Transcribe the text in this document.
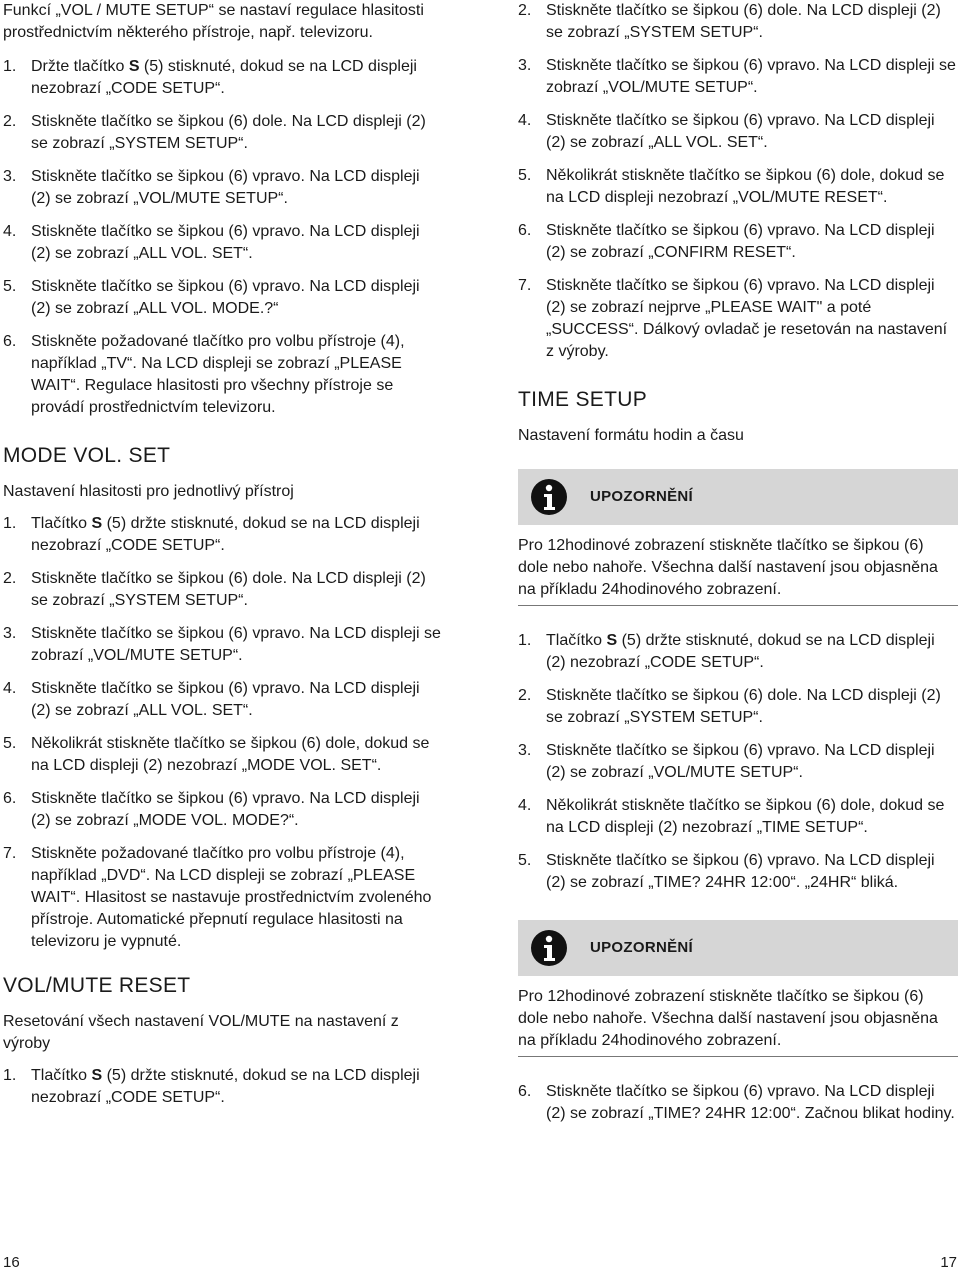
Funkcí „VOL / MUTE SETUP“ se nastaví regulace hlasitosti prostřednictvím některého přístroje, např. televizoru.

1. Držte tlačítko S (5) stisknuté, dokud se na LCD displeji nezobrazí „CODE SETUP“.
2. Stiskněte tlačítko se šipkou (6) dole. Na LCD displeji (2) se zobrazí „SYSTEM SETUP“.
3. Stiskněte tlačítko se šipkou (6) vpravo. Na LCD displeji (2) se zobrazí „VOL/MUTE SETUP“.
4. Stiskněte tlačítko se šipkou (6) vpravo. Na LCD displeji (2) se zobrazí „ALL VOL. SET“.
5. Stiskněte tlačítko se šipkou (6) vpravo. Na LCD displeji (2) se zobrazí „ALL VOL. MODE.?“
6. Stiskněte požadované tlačítko pro volbu přístroje (4), například „TV“. Na LCD displeji se zobrazí „PLEASE WAIT“. Regulace hlasitosti pro všechny přístroje se provádí prostřednictvím televizoru.
MODE VOL. SET

Nastavení hlasitosti pro jednotlivý přístroj

1. Tlačítko S (5) držte stisknuté, dokud se na LCD displeji nezobrazí „CODE SETUP“.
2. Stiskněte tlačítko se šipkou (6) dole. Na LCD displeji (2) se zobrazí „SYSTEM SETUP“.
3. Stiskněte tlačítko se šipkou (6) vpravo. Na LCD displeji se zobrazí „VOL/MUTE SETUP“.
4. Stiskněte tlačítko se šipkou (6) vpravo. Na LCD displeji (2) se zobrazí „ALL VOL. SET“.
5. Několikrát stiskněte tlačítko se šipkou (6) dole, dokud se na LCD displeji (2) nezobrazí „MODE VOL. SET“.
6. Stiskněte tlačítko se šipkou (6) vpravo. Na LCD displeji (2) se zobrazí „MODE VOL. MODE?“.
7. Stiskněte požadované tlačítko pro volbu přístroje (4), například „DVD“. Na LCD displeji se zobrazí „PLEASE WAIT“. Hlasitost se nastavuje prostřednictvím zvoleného přístroje. Automatické přepnutí regulace hlasitosti na televizoru je vypnuté.
VOL/MUTE RESET

Resetování všech nastavení VOL/MUTE na nastavení z výroby

1. Tlačítko S (5) držte stisknuté, dokud se na LCD displeji nezobrazí „CODE SETUP“.
2. Stiskněte tlačítko se šipkou (6) dole. Na LCD displeji (2) se zobrazí „SYSTEM SETUP“.
3. Stiskněte tlačítko se šipkou (6) vpravo. Na LCD displeji se zobrazí „VOL/MUTE SETUP“.
4. Stiskněte tlačítko se šipkou (6) vpravo. Na LCD displeji (2) se zobrazí „ALL VOL. SET“.
5. Několikrát stiskněte tlačítko se šipkou (6) dole, dokud se na LCD displeji nezobrazí „VOL/MUTE RESET“.
6. Stiskněte tlačítko se šipkou (6) vpravo. Na LCD displeji (2) se zobrazí „CONFIRM RESET“.
7. Stiskněte tlačítko se šipkou (6) vpravo. Na LCD displeji (2) se zobrazí nejprve „PLEASE WAIT" a poté „SUCCESS“. Dálkový ovladač je resetován na nastavení z výroby.
TIME SETUP

Nastavení formátu hodin a času

UPOZORNĚNÍ

Pro 12hodinové zobrazení stiskněte tlačítko se šipkou (6) dole nebo nahoře. Všechna další nastavení jsou objasněna na příkladu 24hodinového zobrazení.

1. Tlačítko S (5) držte stisknuté, dokud se na LCD displeji (2) nezobrazí „CODE SETUP“.
2. Stiskněte tlačítko se šipkou (6) dole. Na LCD displeji (2) se zobrazí „SYSTEM SETUP“.
3. Stiskněte tlačítko se šipkou (6) vpravo. Na LCD displeji (2) se zobrazí „VOL/MUTE SETUP“.
4. Několikrát stiskněte tlačítko se šipkou (6) dole, dokud se na LCD displeji (2) nezobrazí „TIME SETUP“.
5. Stiskněte tlačítko se šipkou (6) vpravo. Na LCD displeji (2) se zobrazí „TIME? 24HR 12:00“. „24HR“ bliká.
UPOZORNĚNÍ

Pro 12hodinové zobrazení stiskněte tlačítko se šipkou (6) dole nebo nahoře. Všechna další nastavení jsou objasněna na příkladu 24hodinového zobrazení.

6. Stiskněte tlačítko se šipkou (6) vpravo. Na LCD displeji (2) se zobrazí „TIME? 24HR 12:00“. Začnou blikat hodiny.
16	17
